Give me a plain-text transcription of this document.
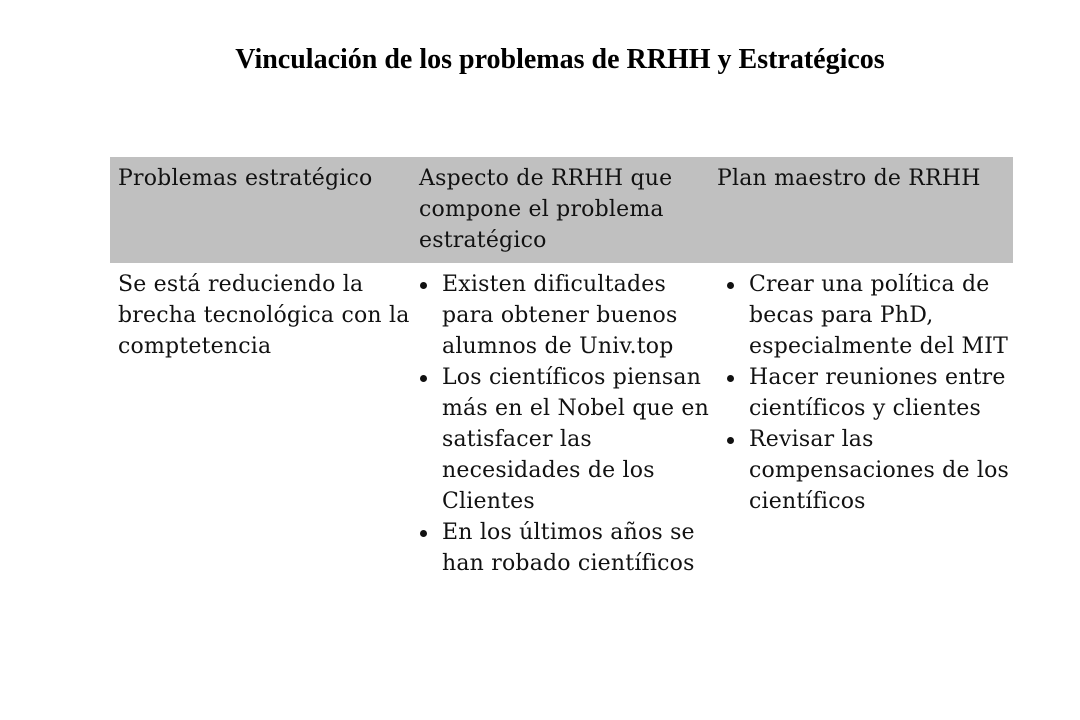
Vinculación de los problemas de RRHH y Estratégicos
Problemas estratégico	Aspecto de RRHH que compone el problema estratégico
Plan maestro de RRHH
Se está reduciendo la brecha tecnológica con la comptetencia
Existen dificultades para obtener buenos alumnos de Univ.top
Los científicos piensan más en el Nobel que en satisfacer las necesidades de los Clientes
En los últimos años se han robado científicos
Crear una política de becas para PhD, especialmente del MIT
Hacer reuniones entre científicos y clientes
Revisar las compensaciones de los científicos
